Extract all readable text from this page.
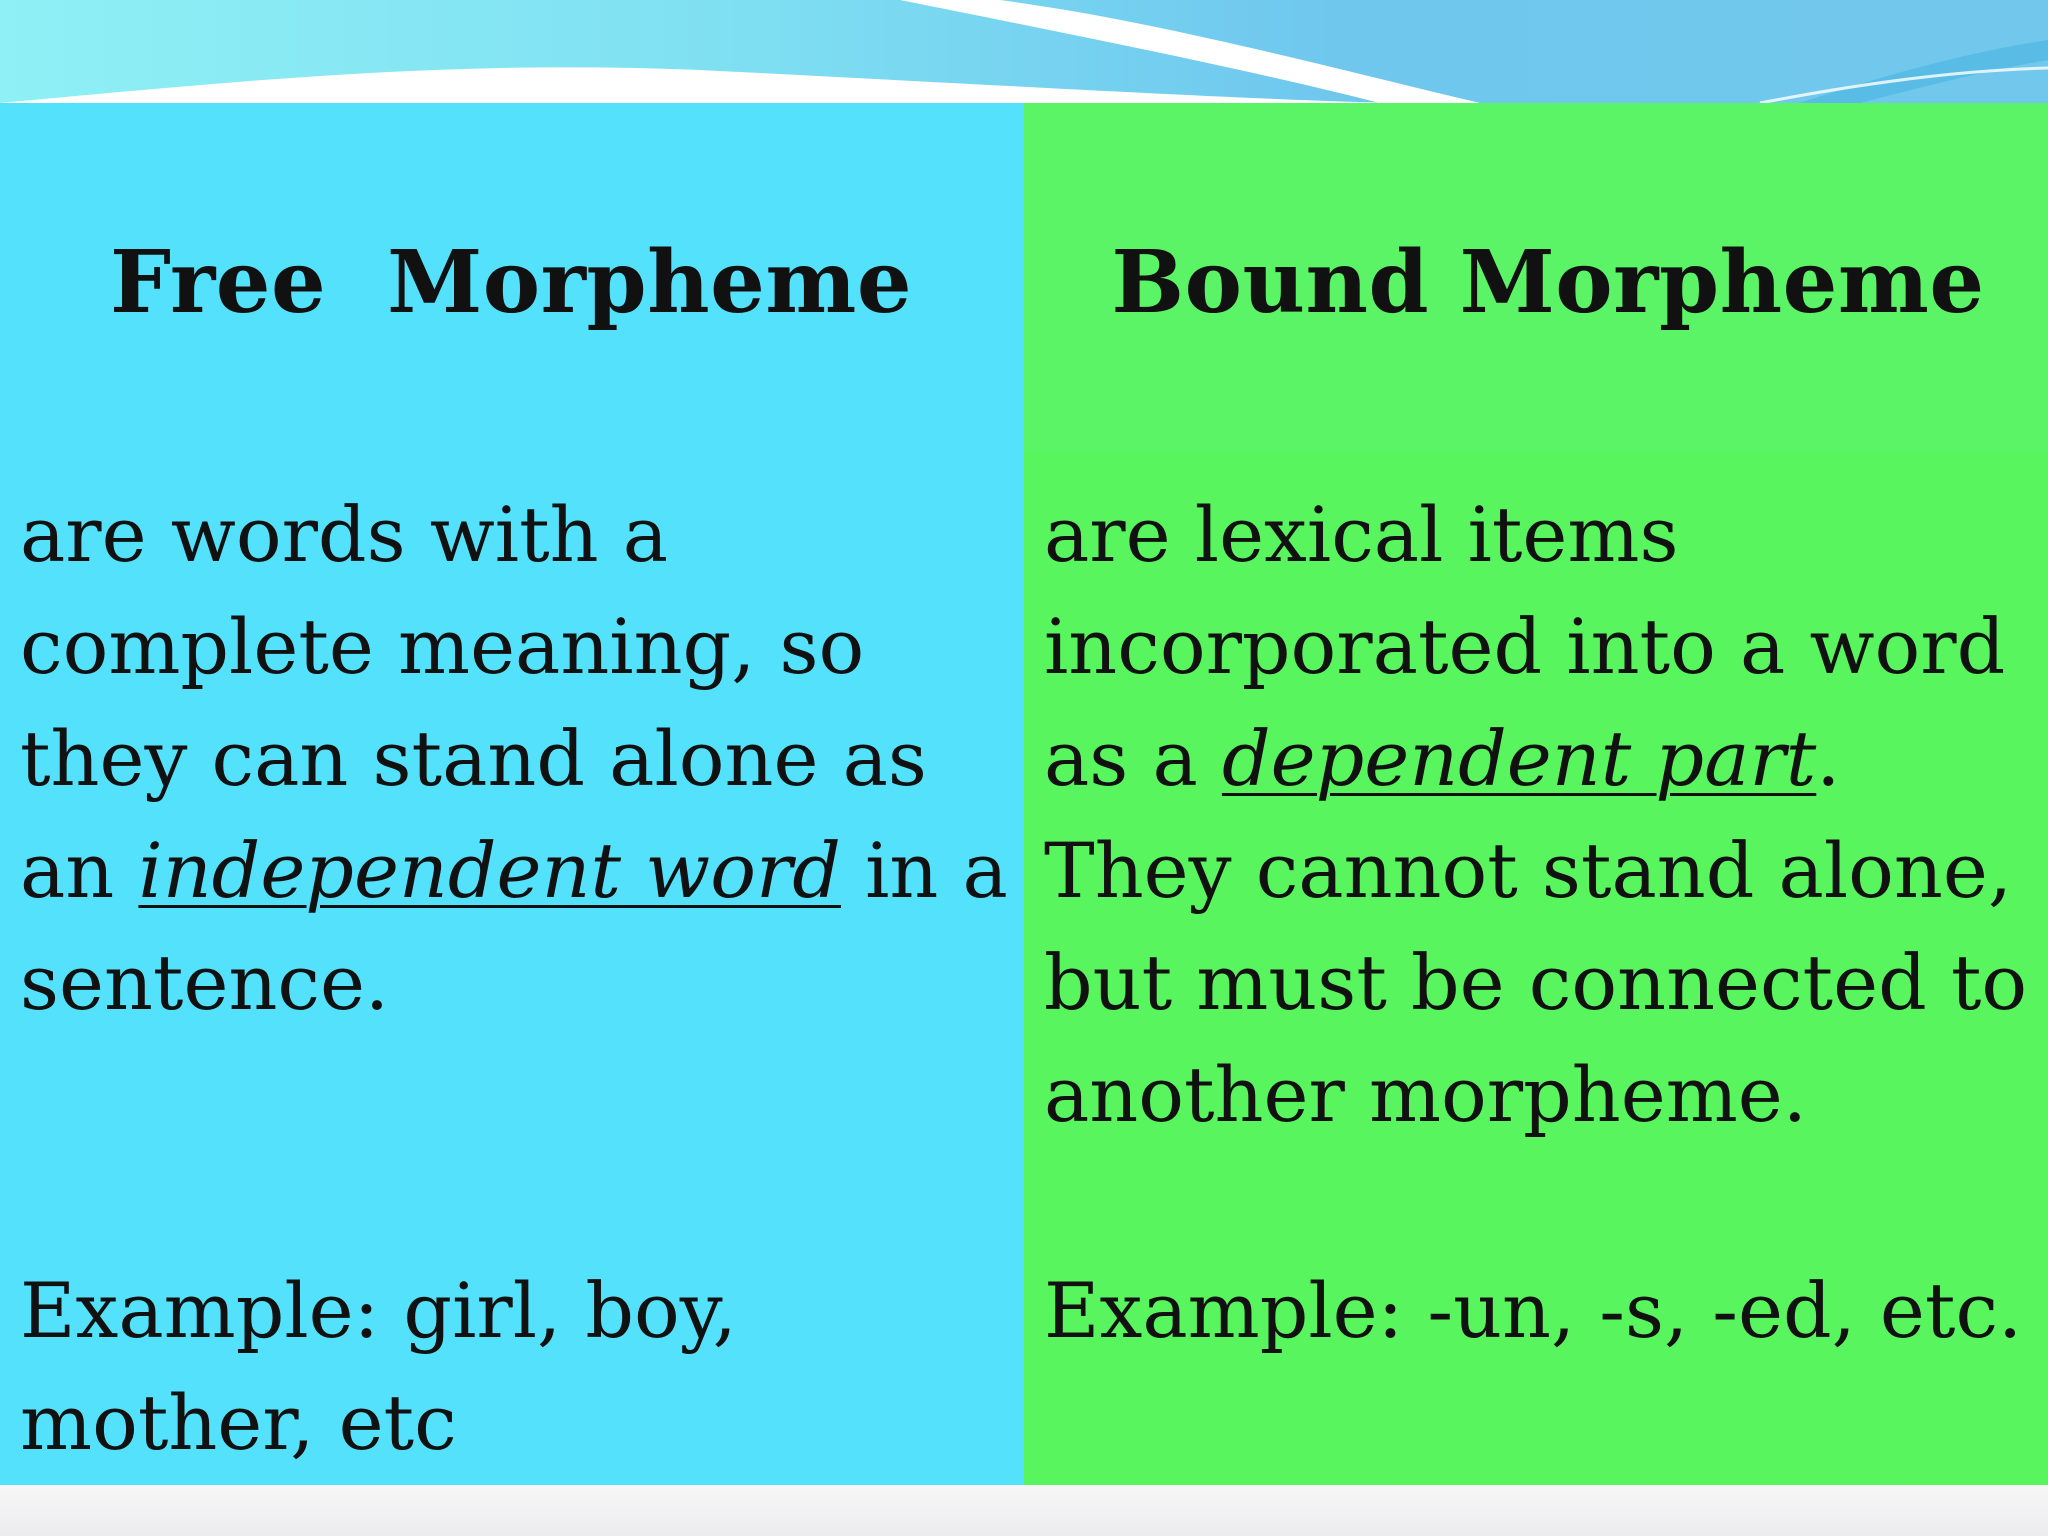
Free  Morpheme
are words with a complete meaning, so they can stand alone as an independent word in a sentence.
Example: girl, boy, mother, etc
Bound Morpheme
are lexical items incorporated into a word as a dependent part. They cannot stand alone, but must be connected to another morpheme.
Example: -un, -s, -ed, etc.
